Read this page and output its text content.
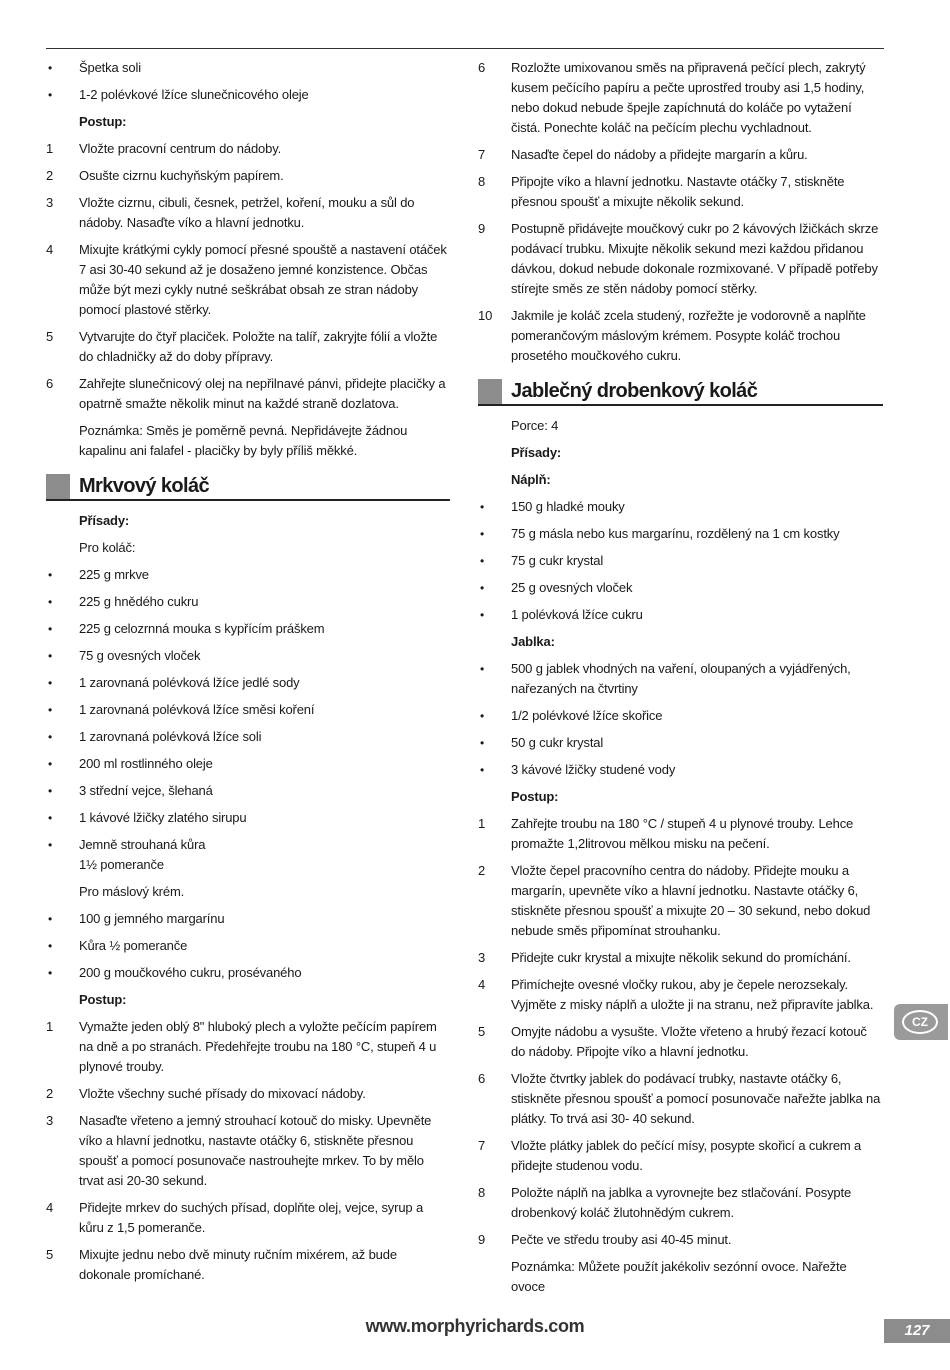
•	Špetka soli
•	1-2 polévkové lžíce slunečnicového oleje
Postup:
1	Vložte pracovní centrum do nádoby.
2	Osušte cizrnu kuchyňským papírem.
3	Vložte cizrnu, cibuli, česnek, petržel, koření, mouku a sůl do nádoby. Nasaďte víko a hlavní jednotku.
4	Mixujte krátkými cykly pomocí přesné spouště a nastavení otáček 7 asi 30-40 sekund až je dosaženo jemné konzistence. Občas může být mezi cykly nutné seškrábat obsah ze stran nádoby pomocí plastové stěrky.
5	Vytvarujte do čtyř placiček. Položte na talíř, zakryjte fólií a vložte do chladničky až do doby přípravy.
6	Zahřejte slunečnicový olej na nepřilnavé pánvi, přidejte placičky a opatrně smažte několik minut na každé straně dozlatova.
Poznámka: Směs je poměrně pevná. Nepřidávejte žádnou kapalinu ani falafel - placičky by byly příliš měkké.
Mrkvový koláč
Přísady:
Pro koláč:
•	225 g mrkve
•	225 g hnědého cukru
•	225 g celozrnná mouka s kypřícím práškem
•	75 g ovesných vloček
•	1 zarovnaná polévková lžíce jedlé sody
•	1 zarovnaná polévková lžíce směsi koření
•	1 zarovnaná polévková lžíce soli
•	200 ml rostlinného oleje
•	3 střední vejce, šlehaná
•	1 kávové lžičky zlatého sirupu
•	Jemně strouhaná kůra
1½ pomeranče
Pro máslový krém.
•	100 g jemného margarínu
•	Kůra ½ pomeranče
•	200 g moučkového cukru, prosévaného
Postup:
1	Vymažte jeden oblý 8" hluboký plech a vyložte pečícím papírem na dně a po stranách. Předehřejte troubu na 180 °C, stupeň 4 u plynové trouby.
2	Vložte všechny suché přísady do mixovací nádoby.
3	Nasaďte vřeteno a jemný strouhací kotouč do misky. Upevněte víko a hlavní jednotku, nastavte otáčky 6, stiskněte přesnou spoušť a pomocí posunovače nastrouhejte mrkev. To by mělo trvat asi 20-30 sekund.
4	Přidejte mrkev do suchých přísad, doplňte olej, vejce, syrup a kůru z 1,5 pomeranče.
5	Mixujte jednu nebo dvě minuty ručním mixérem, až bude dokonale promíchané.
6	Rozložte umixovanou směs na připravená pečící plech, zakrytý kusem pečícího papíru a pečte uprostřed trouby asi 1,5 hodiny, nebo dokud nebude špejle zapíchnutá do koláče po vytažení čistá. Ponechte koláč na pečícím plechu vychladnout.
7	Nasaďte čepel do nádoby a přidejte margarín a kůru.
8	Připojte víko a hlavní jednotku. Nastavte otáčky 7, stiskněte přesnou spoušť a mixujte několik sekund.
9	Postupně přidávejte moučkový cukr po 2 kávových lžičkách skrze podávací trubku. Mixujte několik sekund mezi každou přidanou dávkou, dokud nebude dokonale rozmixované. V případě potřeby stírejte směs ze stěn nádoby pomocí stěrky.
10	Jakmile je koláč zcela studený, rozřežte je vodorovně a naplňte pomerančovým máslovým krémem. Posypte koláč trochou prosetého moučkového cukru.
Jablečný drobenkový koláč
Porce: 4
Přísady:
Náplň:
•	150 g hladké mouky
•	75 g másla nebo kus margarínu, rozdělený na 1 cm kostky
•	75 g cukr krystal
•	25 g ovesných vloček
•	1 polévková lžíce cukru
Jablka:
•	500 g jablek vhodných na vaření, oloupaných a vyjádřených, nařezaných na čtvrtiny
•	1/2 polévkové lžíce skořice
•	50 g cukr krystal
•	3 kávové lžičky studené vody
Postup:
1	Zahřejte troubu na 180 °C / stupeň 4 u plynové trouby. Lehce promažte 1,2litrovou mělkou misku na pečení.
2	Vložte čepel pracovního centra do nádoby. Přidejte mouku a margarín, upevněte víko a hlavní jednotku. Nastavte otáčky 6, stiskněte přesnou spoušť a mixujte 20 – 30 sekund, nebo dokud nebude směs připomínat strouhanku.
3	Přidejte cukr krystal a mixujte několik sekund do promíchání.
4	Přimíchejte ovesné vločky rukou, aby je čepele nerozsekaly. Vyjměte z misky náplň a uložte ji na stranu, než připravíte jablka.
5	Omyjte nádobu a vysušte. Vložte vřeteno a hrubý řezací kotouč do nádoby. Připojte víko a hlavní jednotku.
6	Vložte čtvrtky jablek do podávací trubky, nastavte otáčky 6, stiskněte přesnou spoušť a pomocí posunovače nařežte jablka na plátky. To trvá asi 30- 40 sekund.
7	Vložte plátky jablek do pečící mísy, posypte skořicí a cukrem a přidejte studenou vodu.
8	Položte náplň na jablka a vyrovnejte bez stlačování. Posypte drobenkový koláč žlutohnědým cukrem.
9	Pečte ve středu trouby asi 40-45 minut.
Poznámka: Můžete použít jakékoliv sezónní ovoce. Nařežte ovoce
CZ
www.morphyrichards.com	127
